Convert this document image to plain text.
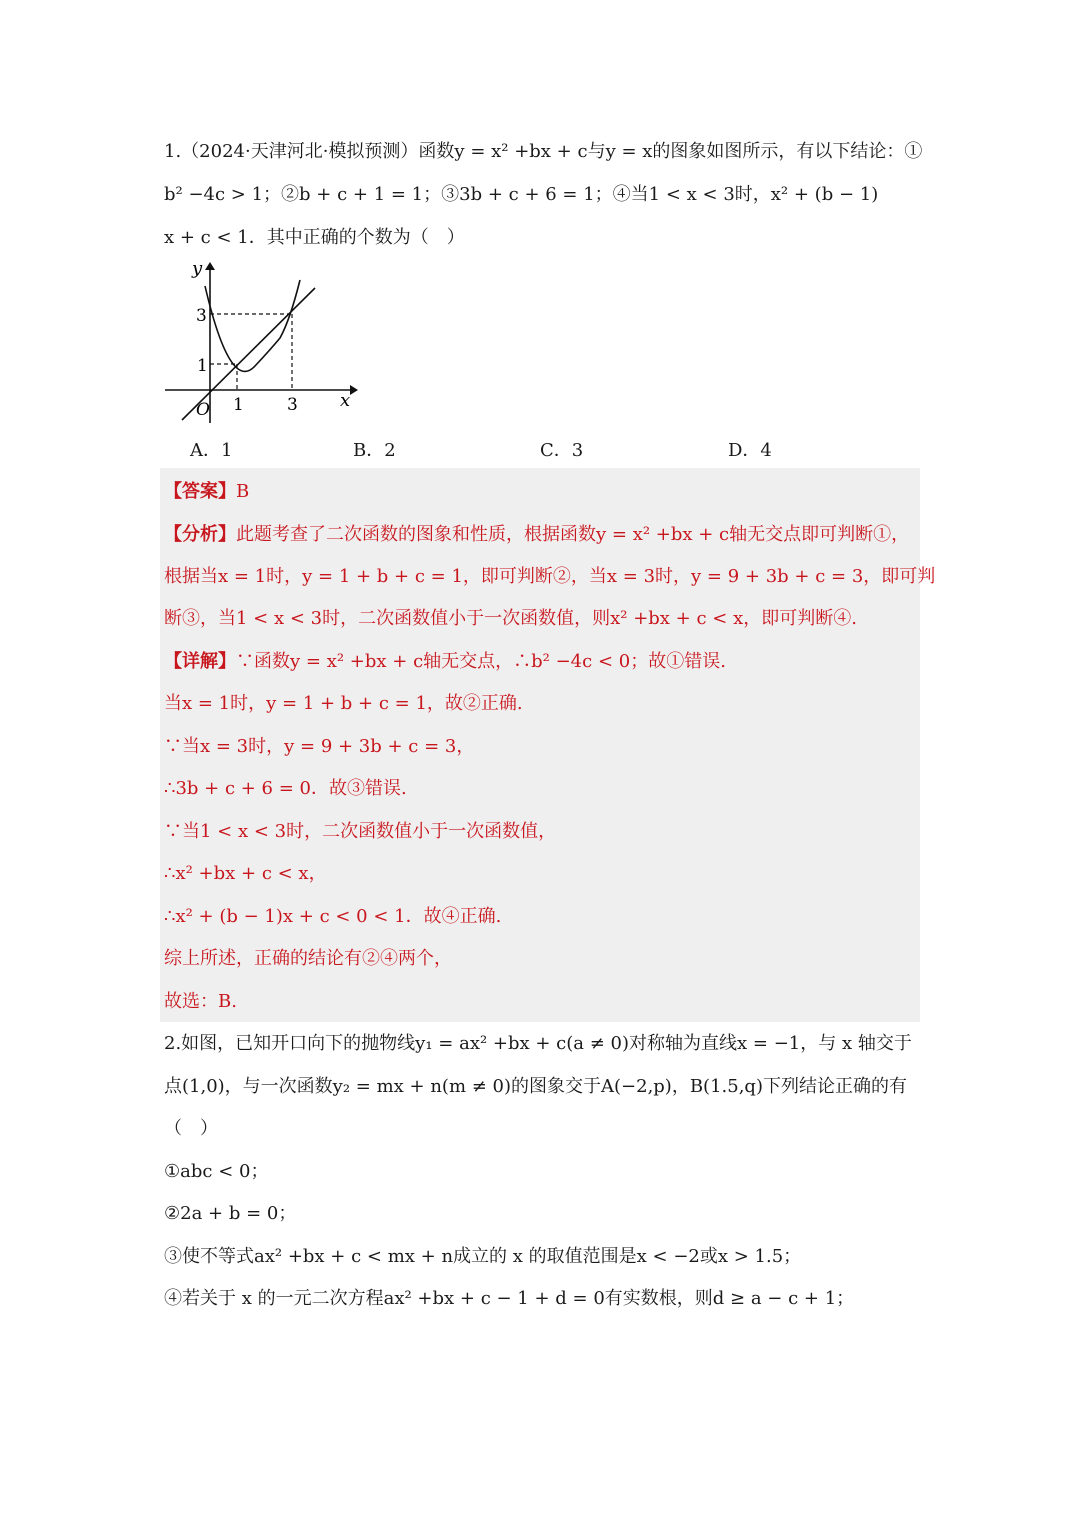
1.（2024·天津河北·模拟预测）函数y = x² +bx + c与y = x的图象如图所示，有以下结论：①
b² −4c > 1；②b + c + 1 = 1；③3b + c + 6 = 1；④当1 < x < 3时，x² + (b − 1)
x + c < 1．其中正确的个数为（　）
y
x
O
3
1
1	3
A．1	B．2	C．3	D．4
【答案】B
【分析】此题考查了二次函数的图象和性质，根据函数y = x² +bx + c轴无交点即可判断①，
根据当x = 1时，y = 1 + b + c = 1，即可判断②，当x = 3时，y = 9 + 3b + c = 3，即可判
断③，当1 < x < 3时，二次函数值小于一次函数值，则x² +bx + c < x，即可判断④.
【详解】∵函数y = x² +bx + c轴无交点，∴b² −4c < 0；故①错误.
当x = 1时，y = 1 + b + c = 1，故②正确.
∵当x = 3时，y = 9 + 3b + c = 3，
∴3b + c + 6 = 0．故③错误.
∵当1 < x < 3时，二次函数值小于一次函数值，
∴x² +bx + c < x，
∴x² + (b − 1)x + c < 0 < 1．故④正确.
综上所述，正确的结论有②④两个，
故选：B.
2.如图，已知开口向下的抛物线y₁ = ax² +bx + c(a ≠ 0)对称轴为直线x = −1，与 x 轴交于
点(1,0)，与一次函数y₂ = mx + n(m ≠ 0)的图象交于A(−2,p)，B(1.5,q)下列结论正确的有
（　）
①abc < 0；
②2a + b = 0；
③使不等式ax² +bx + c < mx + n成立的 x 的取值范围是x < −2或x > 1.5；
④若关于 x 的一元二次方程ax² +bx + c − 1 + d = 0有实数根，则d ≥ a − c + 1；
